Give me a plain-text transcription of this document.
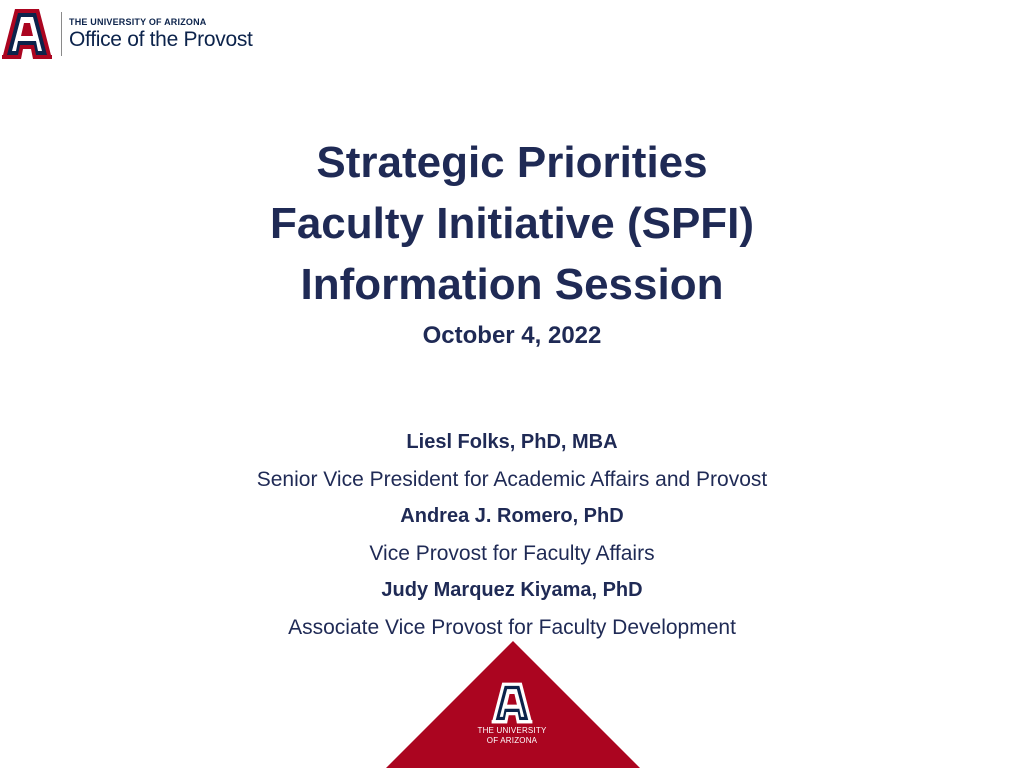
THE UNIVERSITY OF ARIZONA
Office of the Provost
Strategic Priorities
Faculty Initiative (SPFI)
Information Session
October 4, 2022
Liesl Folks, PhD, MBA
Senior Vice President for Academic Affairs and Provost
Andrea J. Romero, PhD
Vice Provost for Faculty Affairs
Judy Marquez Kiyama, PhD
Associate Vice Provost for Faculty Development
THE UNIVERSITY
OF ARIZONA
